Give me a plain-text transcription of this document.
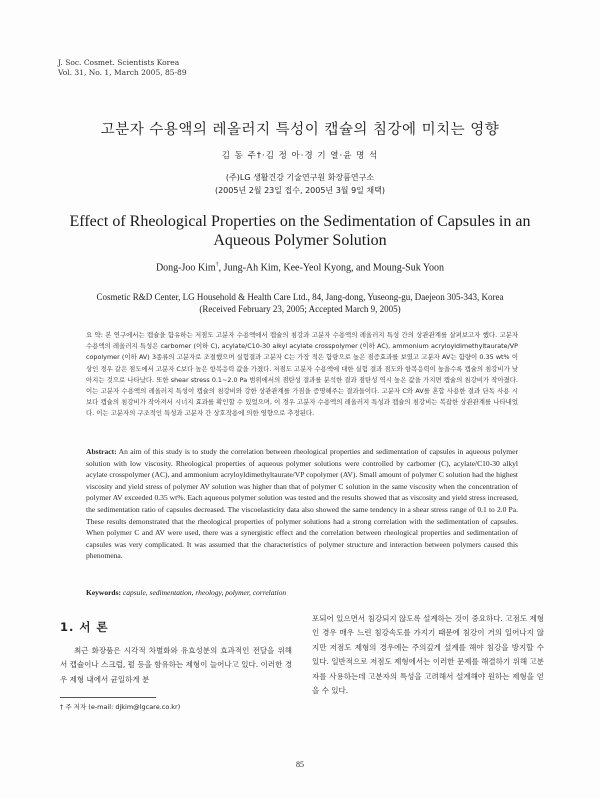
J. Soc. Cosmet. Scientists Korea
Vol. 31, No. 1, March 2005, 85-89
고분자 수용액의 레올러지 특성이 캡슐의 침강에 미치는 영향
김 동 주†·김 정 아·경 기 열·윤 명 석
(주)LG 생활건강 기술연구원 화장품연구소
(2005년 2월 23일 접수, 2005년 3월 9일 채택)
Effect of Rheological Properties on the Sedimentation of Capsules in an Aqueous Polymer Solution
Dong-Joo Kim†, Jung-Ah Kim, Kee-Yeol Kyong, and Moung-Suk Yoon
Cosmetic R&D Center, LG Household & Health Care Ltd., 84, Jang-dong, Yuseong-gu, Daejeon 305-343, Korea
(Received February 23, 2005; Accepted March 9, 2005)
요 약: 본 연구에서는 캡슐을 함유하는 저점도 고분자 수용액에서 캡슐의 침강과 고분자 수용액의 레올러지 특성 간의 상관관계를 살펴보고자 했다. 고분자 수용액의 레올러지 특성은 carbomer (이하 C), acylate/C10-30 alkyl acylate crosspolymer (이하 AC), ammonium acryloyldimethyltaurate/VP copolymer (이하 AV) 3종류의 고분자로 조절했으며 실험결과 고분자 C는 가장 적은 함량으로 높은 점증효과를 보였고 고분자 AV는 함량이 0.35 wt% 이상인 경우 같은 점도에서 고분자 C보다 높은 항복응력 값을 가졌다. 저점도 고분자 수용액에 대한 실험 결과 점도와 항복응력이 높을수록 캡슐의 침강비가 낮아지는 것으로 나타났다. 또한 shear stress 0.1~2.0 Pa 범위에서의 점탄성 결과를 분석한 결과 점탄성 역시 높은 값을 가지면 캡슐의 침강비가 작아졌다. 이는 고분자 수용액의 레올러지 특성이 캡슐의 침강비와 강한 상관관계를 가짐을 증명해주는 결과들이다. 고분자 C와 AV를 혼합 사용한 결과 단독 사용 시 보다 캡슐의 침강비가 작아져서 시너지 효과를 확인할 수 있었으며, 이 경우 고분자 수용액의 레올러지 특성과 캡슐의 침강비는 복잡한 상관관계를 나타내었다. 이는 고분자의 구조적인 특성과 고분자 간 상호작용에 의한 영향으로 추정된다.
Abstract: An aim of this study is to study the correlation between rheological properties and sedimentation of capsules in aqueous polymer solution with low viscosity. Rheological properties of aqueous polymer solutions were controlled by carbomer (C), acylate/C10-30 alkyl acylate crosspolymer (AC), and ammonium acryloyldimethyltaurate/VP copolymer (AV). Small amount of polymer C solution had the highest viscosity and yield stress of polymer AV solution was higher than that of polymer C solution in the same viscosity when the concentration of polymer AV exceeded 0.35 wt%. Each aqueous polymer solution was tested and the results showed that as viscosity and yield stress increased, the sedimentation ratio of capsules decreased. The viscoelasticity data also showed the same tendency in a shear stress range of 0.1 to 2.0 Pa. These results demonstrated that the rheological properties of polymer solutions had a strong correlation with the sedimentation of capsules. When polymer C and AV were used, there was a synergistic effect and the correlation between rheological properties and sedimentation of capsules was very complicated. It was assumed that the characteristics of polymer structure and interaction between polymers caused this phenomena.
Keywords: capsule, sedimentation, rheology, polymer, correlation
1. 서 론

최근 화장품은 시각적 차별화와 유효성분의 효과적인 전달을 위해서 캡슐이나 스크럽, 펄 등을 함유하는 제형이 늘어나고 있다. 이러한 경우 제형 내에서 균일하게 분

포되어 있으면서 침강되지 않도록 설계하는 것이 중요하다. 고점도 제형인 경우 매우 느린 침강속도를 가지기 때문에 침강이 거의 일어나지 않지만 저점도 제형의 경우에는 주의깊게 설계를 해야 침강을 방지할 수 있다. 일반적으로 저점도 제형에서는 이러한 문제를 해결하기 위해 고분자를 사용하는데 고분자의 특성을 고려해서 설계해야 원하는 제형을 얻을 수 있다.

† 주 저자 (e-mail: djkim@lgcare.co.kr)
85
